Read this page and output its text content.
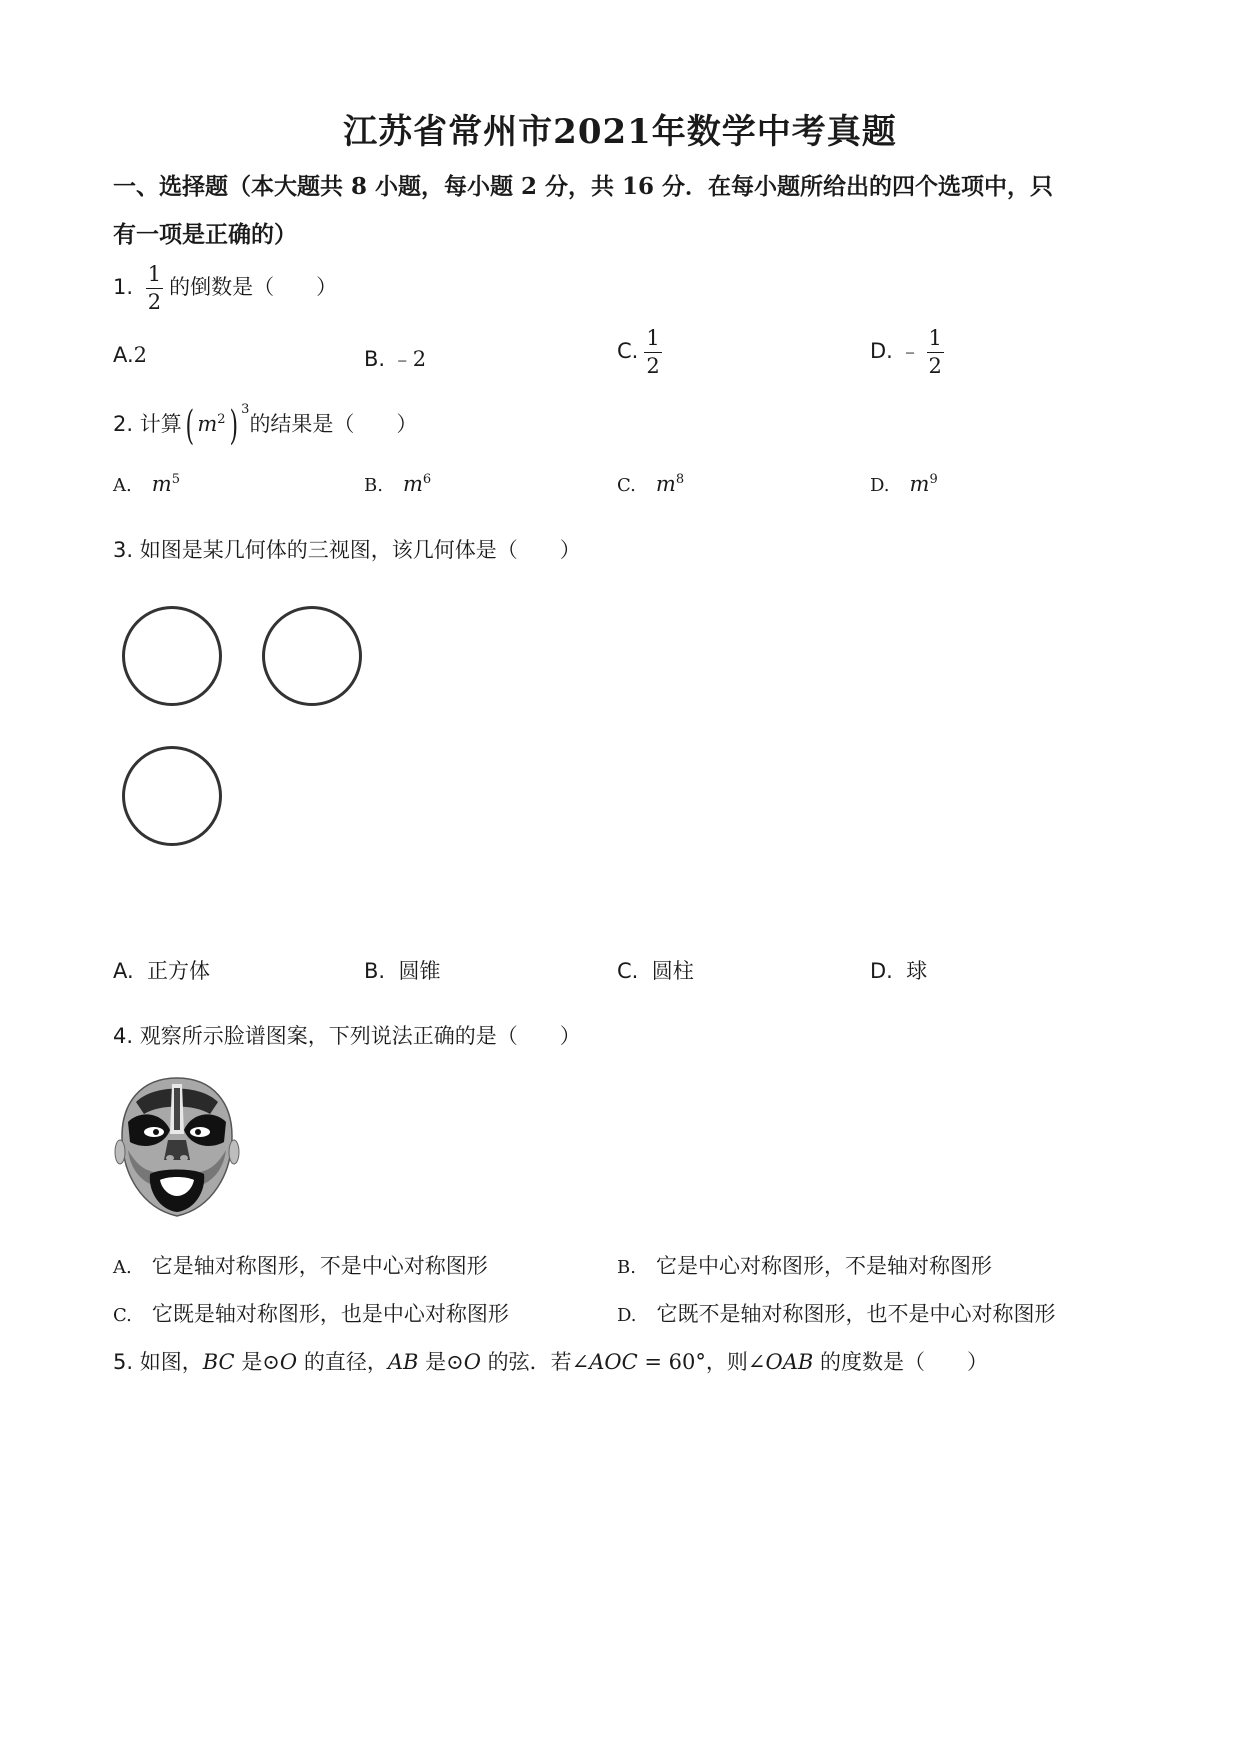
江苏省常州市2021年数学中考真题
一、选择题（本大题共 8 小题，每小题 2 分，共 16 分．在每小题所给出的四个选项中，只
有一项是正确的）
1. $\frac{1}{2}$ 的倒数是（　　）
A.2	B. ﹣2	C. $\frac{1}{2}$	D. ﹣ $\frac{1}{2}$
2. 计算( $m^2$) $^3$的结果是（　　）
A. $m^5$	B. $m^6$	C. $m^8$	D. $m^9$
3. 如图是某几何体的三视图，该几何体是（　　）
A. 正方体	B. 圆锥	C. 圆柱	D. 球
4. 观察所示脸谱图案，下列说法正确的是（　　）
A. 它是轴对称图形，不是中心对称图形	B. 它是中心对称图形，不是轴对称图形
C. 它既是轴对称图形，也是中心对称图形	D. 它既不是轴对称图形，也不是中心对称图形
5. 如图，BC 是⊙O 的直径，AB 是⊙O 的弦．若∠AOC = 60°，则∠OAB 的度数是（　　）
